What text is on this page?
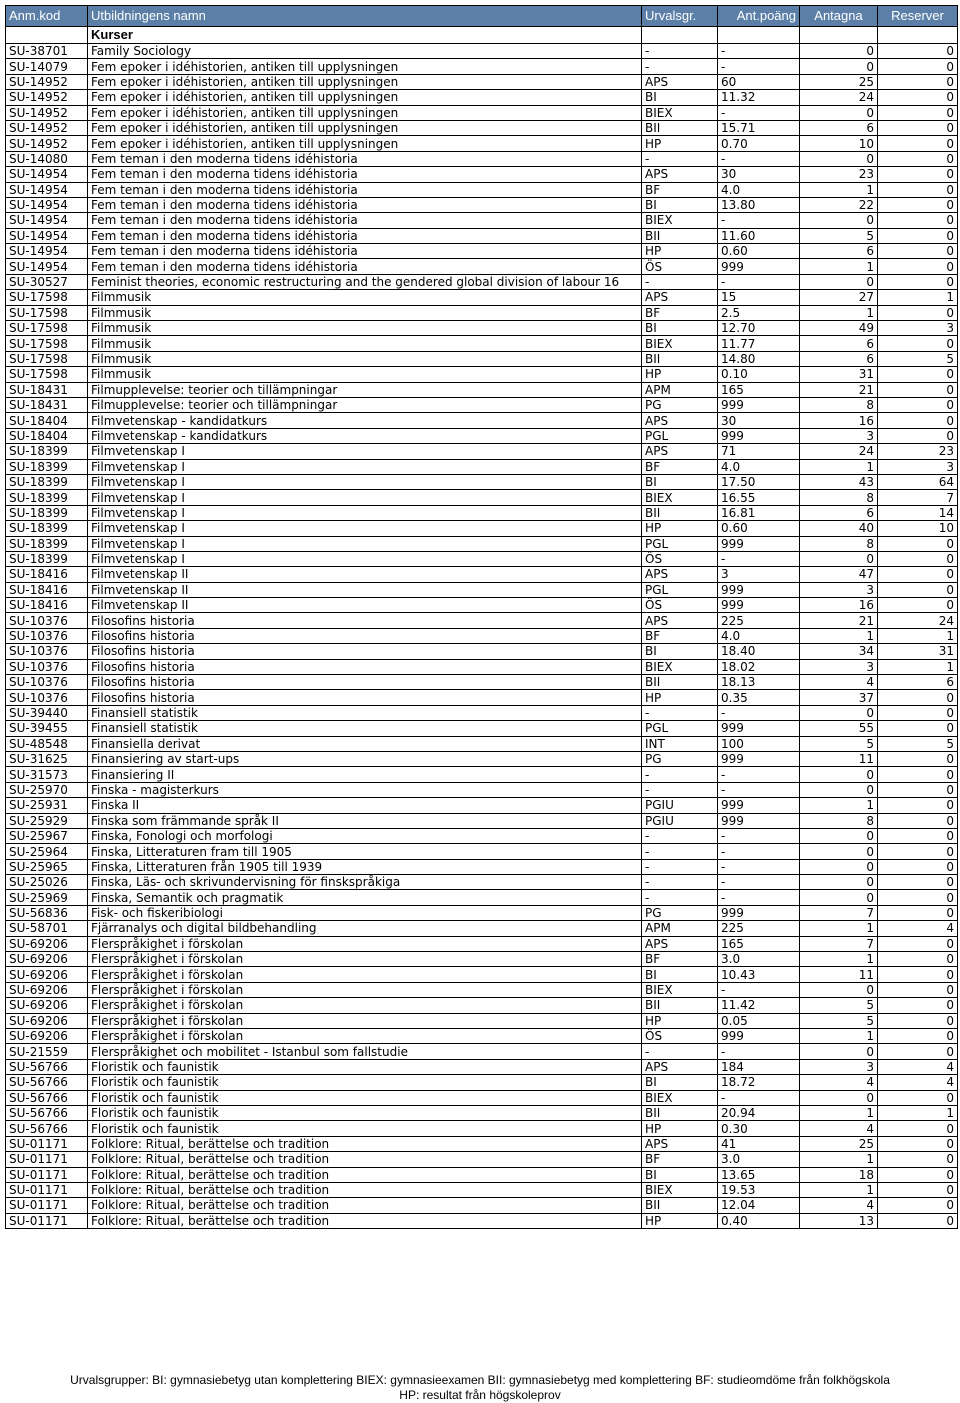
Anm.kod	Utbildningens namn	Urvalsgr.	Ant.poäng	Antagna	Reserver
	Kurser				
SU-38701	Family Sociology	-	-	0	0
SU-14079	Fem epoker i idéhistorien, antiken till upplysningen	-	-	0	0
SU-14952	Fem epoker i idéhistorien, antiken till upplysningen	APS	60	25	0
SU-14952	Fem epoker i idéhistorien, antiken till upplysningen	BI	11.32	24	0
SU-14952	Fem epoker i idéhistorien, antiken till upplysningen	BIEX	-	0	0
SU-14952	Fem epoker i idéhistorien, antiken till upplysningen	BII	15.71	6	0
SU-14952	Fem epoker i idéhistorien, antiken till upplysningen	HP	0.70	10	0
SU-14080	Fem teman i den moderna tidens idéhistoria	-	-	0	0
SU-14954	Fem teman i den moderna tidens idéhistoria	APS	30	23	0
SU-14954	Fem teman i den moderna tidens idéhistoria	BF	4.0	1	0
SU-14954	Fem teman i den moderna tidens idéhistoria	BI	13.80	22	0
SU-14954	Fem teman i den moderna tidens idéhistoria	BIEX	-	0	0
SU-14954	Fem teman i den moderna tidens idéhistoria	BII	11.60	5	0
SU-14954	Fem teman i den moderna tidens idéhistoria	HP	0.60	6	0
SU-14954	Fem teman i den moderna tidens idéhistoria	ÖS	999	1	0
SU-30527	Feminist theories, economic restructuring and the gendered global division of labour 16	-	-	0	0
SU-17598	Filmmusik	APS	15	27	1
SU-17598	Filmmusik	BF	2.5	1	0
SU-17598	Filmmusik	BI	12.70	49	3
SU-17598	Filmmusik	BIEX	11.77	6	0
SU-17598	Filmmusik	BII	14.80	6	5
SU-17598	Filmmusik	HP	0.10	31	0
SU-18431	Filmupplevelse: teorier och tillämpningar	APM	165	21	0
SU-18431	Filmupplevelse: teorier och tillämpningar	PG	999	8	0
SU-18404	Filmvetenskap - kandidatkurs	APS	30	16	0
SU-18404	Filmvetenskap - kandidatkurs	PGL	999	3	0
SU-18399	Filmvetenskap I	APS	71	24	23
SU-18399	Filmvetenskap I	BF	4.0	1	3
SU-18399	Filmvetenskap I	BI	17.50	43	64
SU-18399	Filmvetenskap I	BIEX	16.55	8	7
SU-18399	Filmvetenskap I	BII	16.81	6	14
SU-18399	Filmvetenskap I	HP	0.60	40	10
SU-18399	Filmvetenskap I	PGL	999	8	0
SU-18399	Filmvetenskap I	ÖS	-	0	0
SU-18416	Filmvetenskap II	APS	3	47	0
SU-18416	Filmvetenskap II	PGL	999	3	0
SU-18416	Filmvetenskap II	ÖS	999	16	0
SU-10376	Filosofins historia	APS	225	21	24
SU-10376	Filosofins historia	BF	4.0	1	1
SU-10376	Filosofins historia	BI	18.40	34	31
SU-10376	Filosofins historia	BIEX	18.02	3	1
SU-10376	Filosofins historia	BII	18.13	4	6
SU-10376	Filosofins historia	HP	0.35	37	0
SU-39440	Finansiell statistik	-	-	0	0
SU-39455	Finansiell statistik	PGL	999	55	0
SU-48548	Finansiella derivat	INT	100	5	5
SU-31625	Finansiering av start-ups	PG	999	11	0
SU-31573	Finansiering II	-	-	0	0
SU-25970	Finska - magisterkurs	-	-	0	0
SU-25931	Finska II	PGIU	999	1	0
SU-25929	Finska som främmande språk II	PGIU	999	8	0
SU-25967	Finska, Fonologi och morfologi	-	-	0	0
SU-25964	Finska, Litteraturen fram till 1905	-	-	0	0
SU-25965	Finska, Litteraturen från 1905 till 1939	-	-	0	0
SU-25026	Finska, Läs- och skrivundervisning för finskspråkiga	-	-	0	0
SU-25969	Finska, Semantik och pragmatik	-	-	0	0
SU-56836	Fisk- och fiskeribiologi	PG	999	7	0
SU-58701	Fjärranalys och digital bildbehandling	APM	225	1	4
SU-69206	Flerspråkighet i förskolan	APS	165	7	0
SU-69206	Flerspråkighet i förskolan	BF	3.0	1	0
SU-69206	Flerspråkighet i förskolan	BI	10.43	11	0
SU-69206	Flerspråkighet i förskolan	BIEX	-	0	0
SU-69206	Flerspråkighet i förskolan	BII	11.42	5	0
SU-69206	Flerspråkighet i förskolan	HP	0.05	5	0
SU-69206	Flerspråkighet i förskolan	ÖS	999	1	0
SU-21559	Flerspråkighet och mobilitet - Istanbul som fallstudie	-	-	0	0
SU-56766	Floristik och faunistik	APS	184	3	4
SU-56766	Floristik och faunistik	BI	18.72	4	4
SU-56766	Floristik och faunistik	BIEX	-	0	0
SU-56766	Floristik och faunistik	BII	20.94	1	1
SU-56766	Floristik och faunistik	HP	0.30	4	0
SU-01171	Folklore: Ritual, berättelse och tradition	APS	41	25	0
SU-01171	Folklore: Ritual, berättelse och tradition	BF	3.0	1	0
SU-01171	Folklore: Ritual, berättelse och tradition	BI	13.65	18	0
SU-01171	Folklore: Ritual, berättelse och tradition	BIEX	19.53	1	0
SU-01171	Folklore: Ritual, berättelse och tradition	BII	12.04	4	0
SU-01171	Folklore: Ritual, berättelse och tradition	HP	0.40	13	0
Urvalsgrupper: BI: gymnasiebetyg utan komplettering BIEX: gymnasieexamen BII: gymnasiebetyg med komplettering BF: studieomdöme från folkhögskola
HP: resultat från högskoleprov
